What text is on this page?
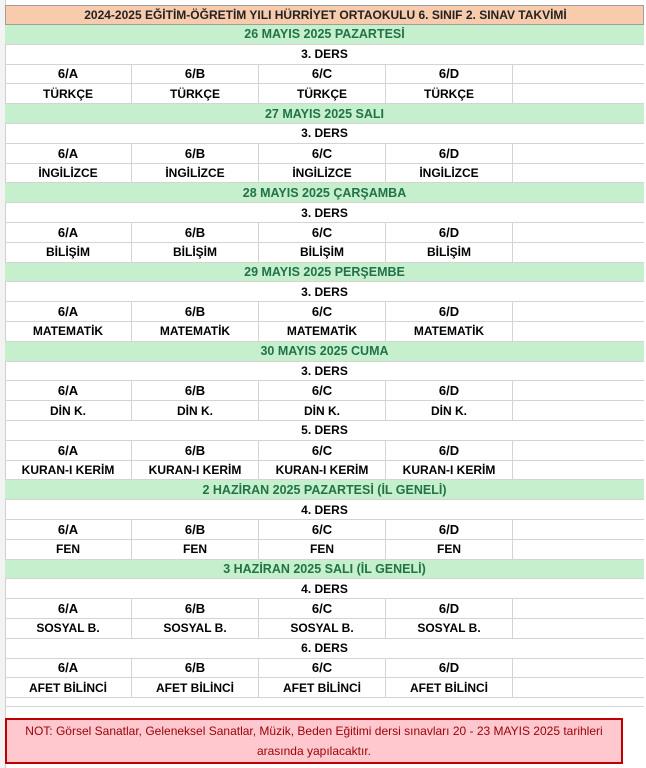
2024-2025 EĞİTİM-ÖĞRETİM YILI HÜRRİYET ORTAOKULU 6. SINIF 2. SINAV TAKVİMİ
26 MAYIS 2025 PAZARTESİ
3. DERS
6/A	6/B	6/C	6/D
TÜRKÇE	TÜRKÇE	TÜRKÇE	TÜRKÇE
27 MAYIS 2025 SALI
3. DERS
6/A	6/B	6/C	6/D
İNGİLİZCE	İNGİLİZCE	İNGİLİZCE	İNGİLİZCE
28 MAYIS 2025 ÇARŞAMBA
3. DERS
6/A	6/B	6/C	6/D
BİLİŞİM	BİLİŞİM	BİLİŞİM	BİLİŞİM
29 MAYIS 2025 PERŞEMBE
3. DERS
6/A	6/B	6/C	6/D
MATEMATİK	MATEMATİK	MATEMATİK	MATEMATİK
30 MAYIS 2025 CUMA
3. DERS
6/A	6/B	6/C	6/D
DİN K.	DİN K.	DİN K.	DİN K.
5. DERS
6/A	6/B	6/C	6/D
KURAN-I KERİM	KURAN-I KERİM	KURAN-I KERİM	KURAN-I KERİM
2 HAZİRAN 2025 PAZARTESİ (İL GENELİ)
4. DERS
6/A	6/B	6/C	6/D
FEN	FEN	FEN	FEN
3 HAZİRAN 2025 SALI (İL GENELİ)
4. DERS
6/A	6/B	6/C	6/D
SOSYAL B.	SOSYAL B.	SOSYAL B.	SOSYAL B.
6. DERS
6/A	6/B	6/C	6/D
AFET BİLİNCİ	AFET BİLİNCİ	AFET BİLİNCİ	AFET BİLİNCİ
NOT: Görsel Sanatlar, Geleneksel Sanatlar, Müzik, Beden Eğitimi dersi sınavları 20 - 23 MAYIS 2025 tarihleri arasında yapılacaktır.
